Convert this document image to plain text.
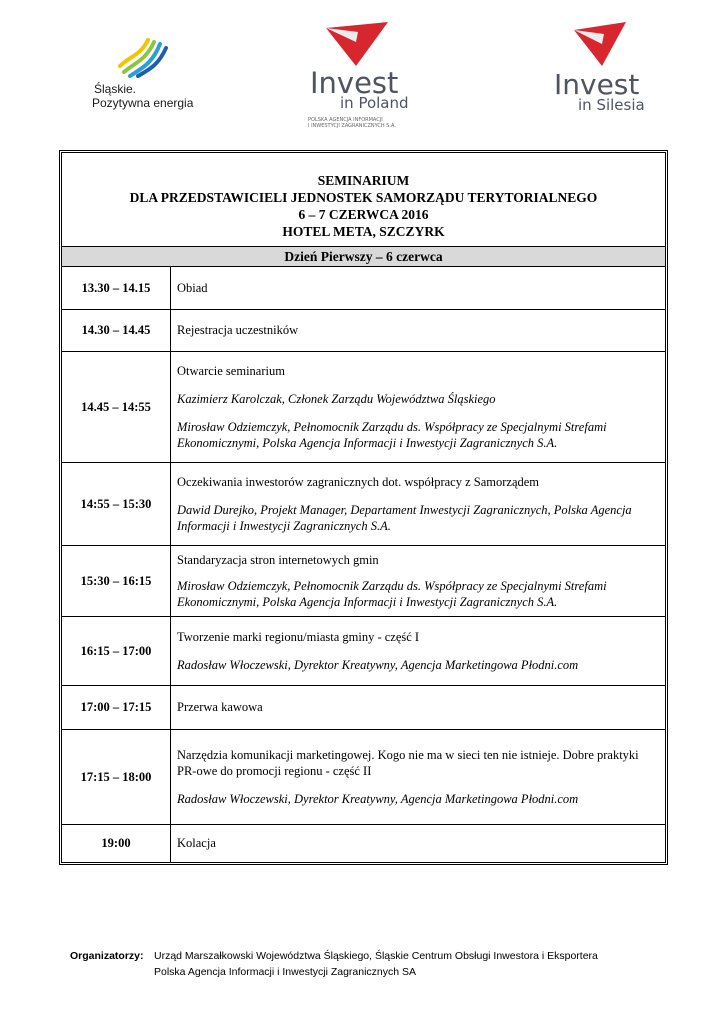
Śląskie.
Pozytywna energia
Invest
in Poland
POLSKA AGENCJA INFORMACJI
I INWESTYCJI ZAGRANICZNYCH S.A.
Invest
in Silesia
SEMINARIUM
DLA PRZEDSTAWICIELI JEDNOSTEK SAMORZĄDU TERYTORIALNEGO
6 – 7 CZERWCA 2016
HOTEL META, SZCZYRK
Dzień Pierwszy – 6 czerwca
13.30 – 14.15	Obiad

14.30 – 14.45	Rejestracja uczestników

14.45 – 14:55	Otwarcie seminarium
Kazimierz Karolczak, Członek Zarządu Województwa Śląskiego
Mirosław Odziemczyk, Pełnomocnik Zarządu ds. Współpracy ze Specjalnymi Strefami Ekonomicznymi, Polska Agencja Informacji i Inwestycji Zagranicznych S.A.

14:55 – 15:30	Oczekiwania inwestorów zagranicznych dot. współpracy z Samorządem
Dawid Durejko, Projekt Manager, Departament Inwestycji Zagranicznych, Polska Agencja Informacji i Inwestycji Zagranicznych S.A.

15:30 – 16:15	Standaryzacja stron internetowych gmin
Mirosław Odziemczyk, Pełnomocnik Zarządu ds. Współpracy ze Specjalnymi Strefami Ekonomicznymi, Polska Agencja Informacji i Inwestycji Zagranicznych S.A.

16:15 – 17:00	Tworzenie marki regionu/miasta gminy - część I
Radosław Włoczewski, Dyrektor Kreatywny, Agencja Marketingowa Płodni.com

17:00 – 17:15	Przerwa kawowa

17:15 – 18:00	Narzędzia komunikacji marketingowej. Kogo nie ma w sieci ten nie istnieje. Dobre praktyki PR-owe do promocji regionu - część II
Radosław Włoczewski, Dyrektor Kreatywny, Agencja Marketingowa Płodni.com

19:00	Kolacja
Organizatorzy: Urząd Marszałkowski Województwa Śląskiego, Śląskie Centrum Obsługi Inwestora i Eksportera
Polska Agencja Informacji i Inwestycji Zagranicznych SA
